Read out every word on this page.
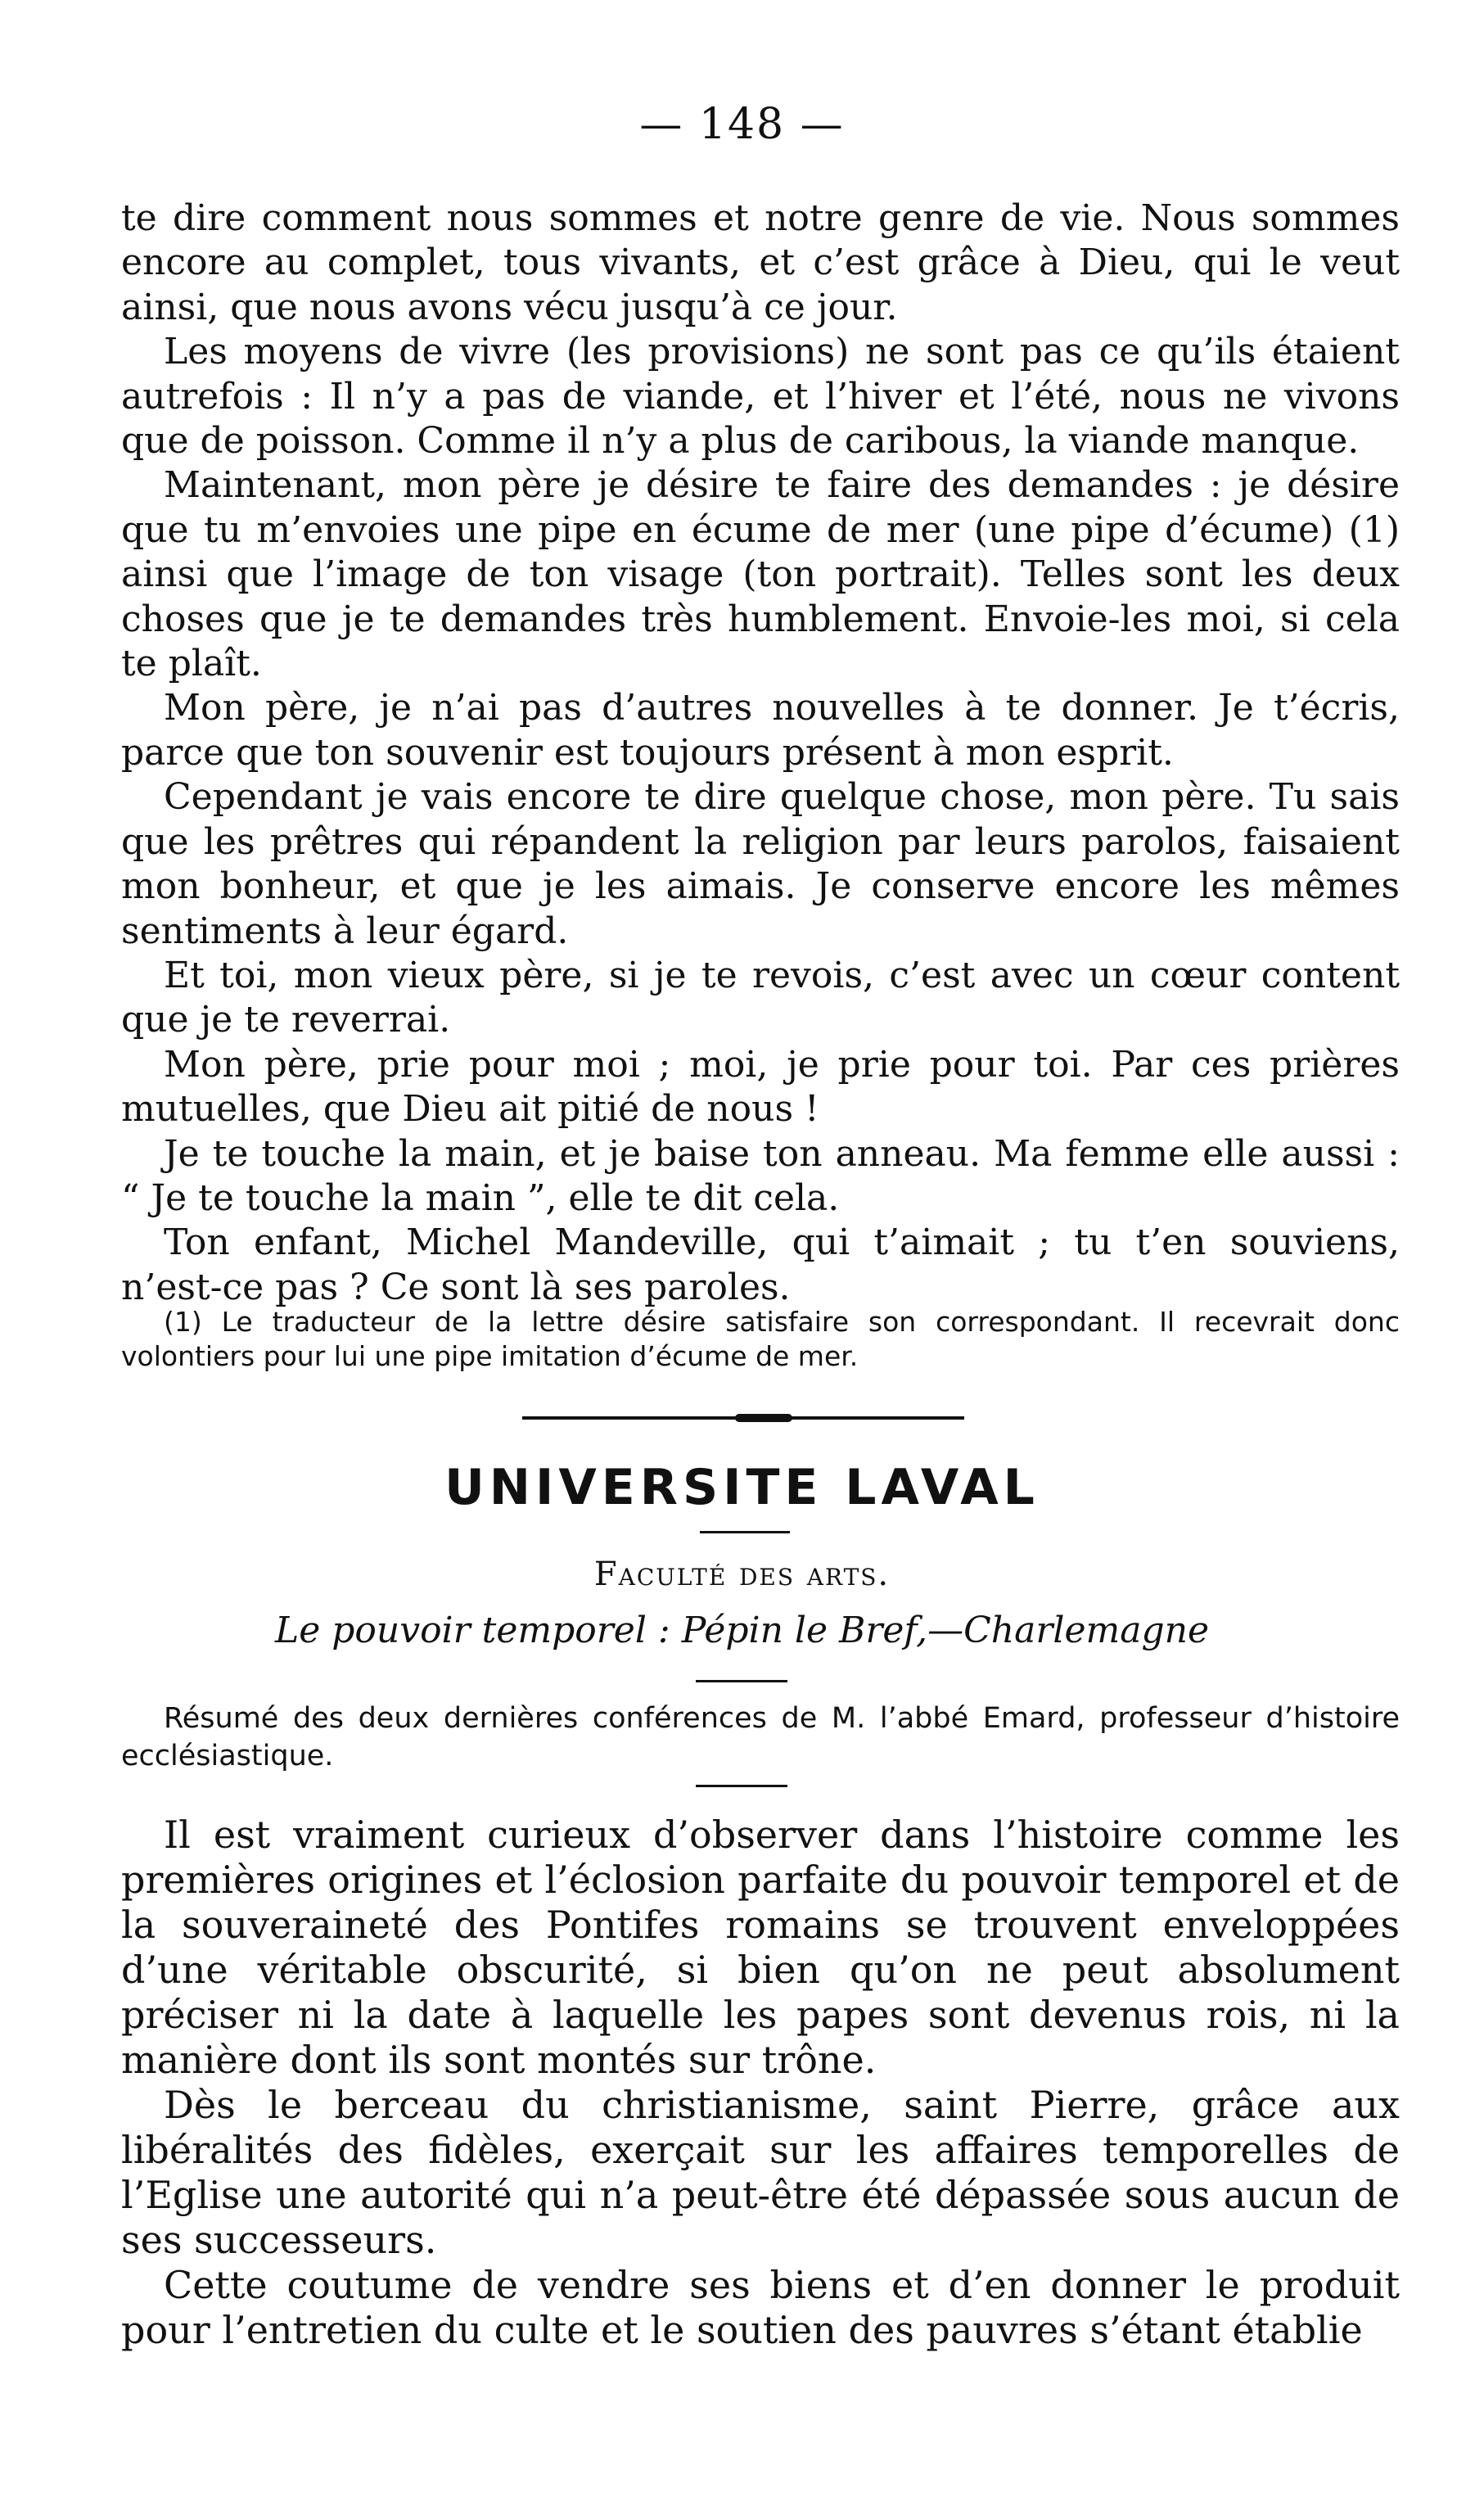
— 148 —

te dire comment nous sommes et notre genre de vie. Nous sommes encore au complet, tous vivants, et c’est grâce à Dieu, qui le veut ainsi, que nous avons vécu jusqu’à ce jour.

Les moyens de vivre (les provisions) ne sont pas ce qu’ils étaient autrefois : Il n’y a pas de viande, et l’hiver et l’été, nous ne vivons que de poisson. Comme il n’y a plus de caribous, la viande manque.

Maintenant, mon père je désire te faire des demandes : je désire que tu m’envoies une pipe en écume de mer (une pipe d’écume) (1) ainsi que l’image de ton visage (ton portrait). Telles sont les deux choses que je te demandes très humblement. Envoie-les moi, si cela te plaît.

Mon père, je n’ai pas d’autres nouvelles à te donner. Je t’écris, parce que ton souvenir est toujours présent à mon esprit.

Cependant je vais encore te dire quelque chose, mon père. Tu sais que les prêtres qui répandent la religion par leurs parolos, faisaient mon bonheur, et que je les aimais. Je conserve encore les mêmes sentiments à leur égard.

Et toi, mon vieux père, si je te revois, c’est avec un cœur content que je te reverrai.

Mon père, prie pour moi ; moi, je prie pour toi. Par ces prières mutuelles, que Dieu ait pitié de nous !

Je te touche la main, et je baise ton anneau. Ma femme elle aussi : “ Je te touche la main ”, elle te dit cela.

Ton enfant, Michel Mandeville, qui t’aimait ; tu t’en souviens, n’est-ce pas ? Ce sont là ses paroles.

(1) Le traducteur de la lettre désire satisfaire son correspondant. Il recevrait donc volontiers pour lui une pipe imitation d’écume de mer.

UNIVERSITE LAVAL
Faculté des arts.
Le pouvoir temporel : Pépin le Bref,—Charlemagne

Résumé des deux dernières conférences de M. l’abbé Emard, professeur d’histoire ecclésiastique.

Il est vraiment curieux d’observer dans l’histoire comme les premières origines et l’éclosion parfaite du pouvoir temporel et de la souveraineté des Pontifes romains se trouvent enveloppées d’une véritable obscurité, si bien qu’on ne peut absolument préciser ni la date à laquelle les papes sont devenus rois, ni la manière dont ils sont montés sur trône.

Dès le berceau du christianisme, saint Pierre, grâce aux libéralités des fidèles, exerçait sur les affaires temporelles de l’Eglise une autorité qui n’a peut-être été dépassée sous aucun de ses successeurs.

Cette coutume de vendre ses biens et d’en donner le produit pour l’entretien du culte et le soutien des pauvres s’étant établie
